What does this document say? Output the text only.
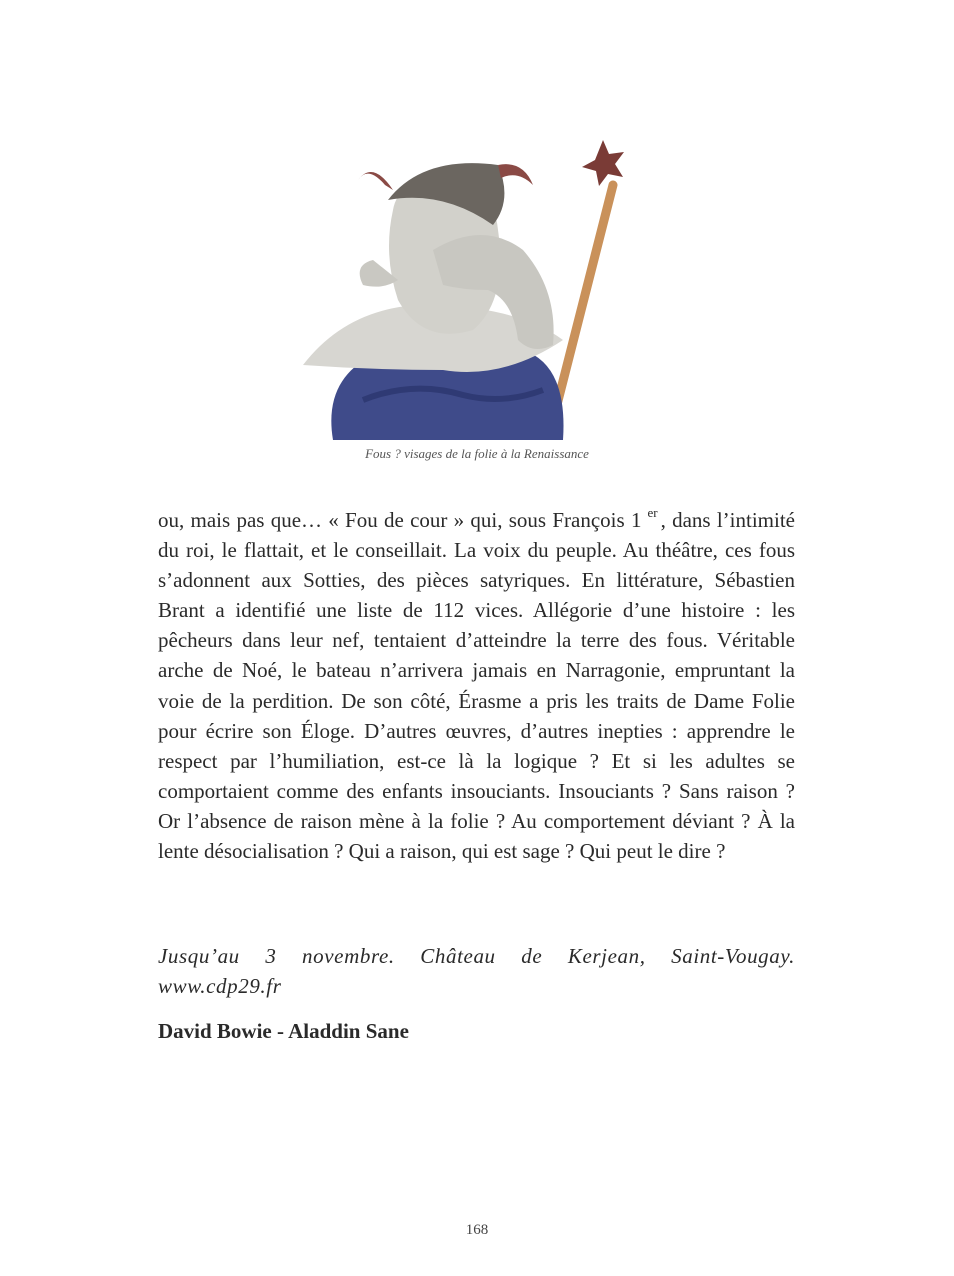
Fous ? visages de la folie à la Renaissance

ou, mais pas que… « Fou de cour » qui, sous François 1 $^{er}$ , dans l’intimité du roi, le flattait, et le conseillait. La voix du peuple. Au théâtre, ces fous s’adonnent aux Sotties, des pièces satyriques. En littérature, Sébastien Brant a identifié une liste de 112 vices. Allégorie d’une histoire : les pêcheurs dans leur nef, tentaient d’atteindre la terre des fous. Véritable arche de Noé, le bateau n’arrivera jamais en Narragonie, empruntant la voie de la perdition. De son côté, Érasme a pris les traits de Dame Folie pour écrire son Éloge. D’autres œuvres, d’autres inepties : apprendre le respect par l’humiliation, est-ce là la logique ? Et si les adultes se comportaient comme des enfants insouciants. Insouciants ? Sans raison ? Or l’absence de raison mène à la folie ? Au comportement déviant ? À la lente désocialisation ? Qui a raison, qui est sage ? Qui peut le dire ?

Jusqu’au 3 novembre. Château de Kerjean, Saint-Vougay. www.cdp29.fr

David Bowie - Aladdin Sane

168
